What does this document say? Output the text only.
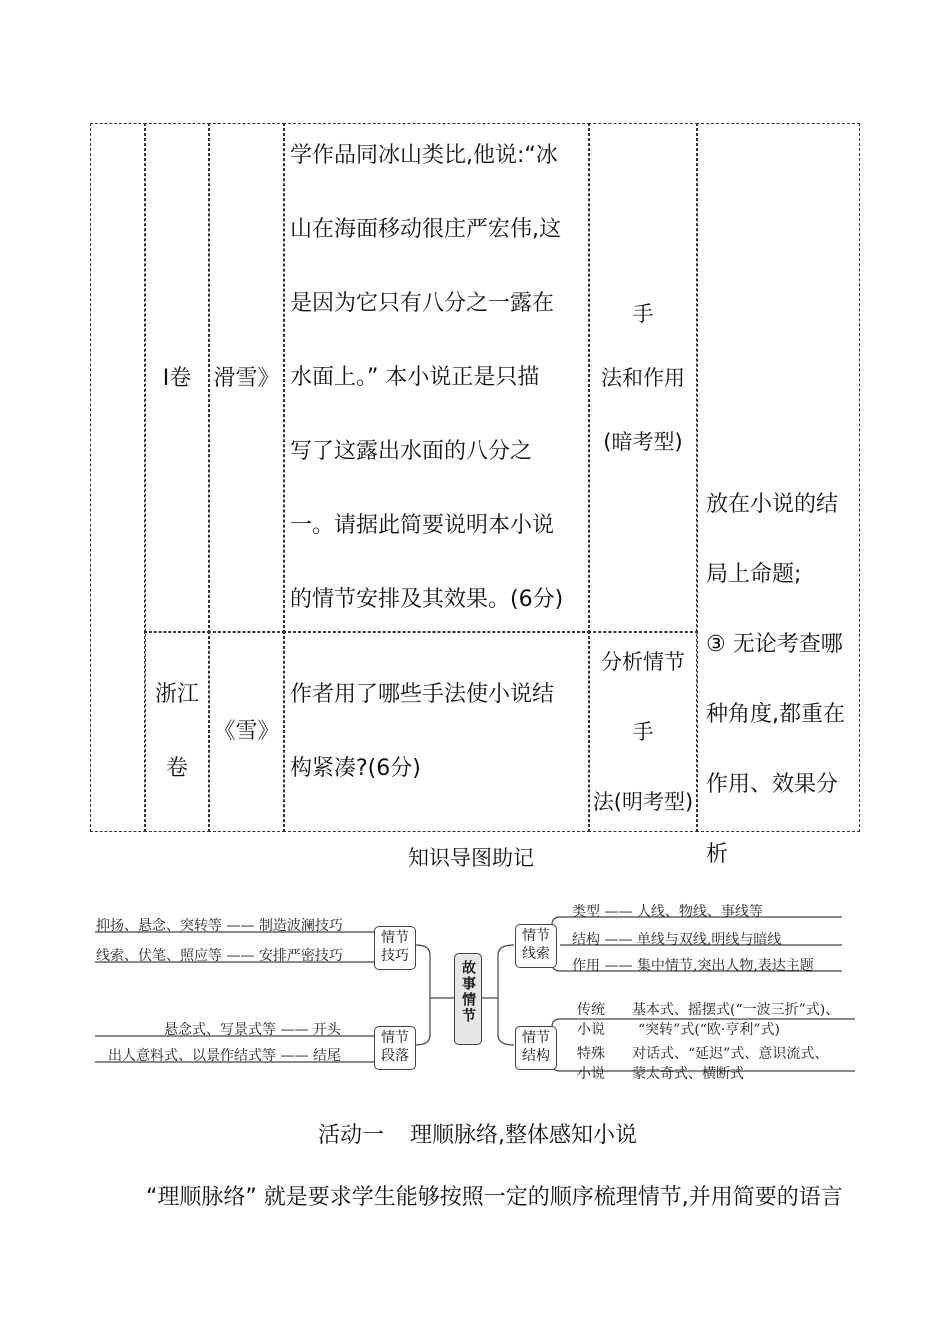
Ⅰ卷 滑雪》
学作品同冰山类比,他说:“冰
山在海面移动很庄严宏伟,这
是因为它只有八分之一露在
水面上。” 本小说正是只描
写了这露出水面的八分之
一。请据此简要说明本小说
的情节安排及其效果。(6分)
手
法和作用
(暗考型)
浙江
卷
《雪》
作者用了哪些手法使小说结
构紧凑?(6分)
分析情节
手
法(明考型)
放在小说的结
局上命题;
③ 无论考查哪
种角度,都重在
作用、效果分
析
知识导图助记
抑扬、悬念、突转等 —— 制造波澜技巧
线索、伏笔、照应等 —— 安排严密技巧
情节
技巧
悬念式、写景式等 —— 开头
出人意料式、以景作结式等 —— 结尾
情节
段落
故事情节
情节
线索
类型 —— 人线、物线、事线等
结构 —— 单线与双线,明线与暗线
作用 —— 集中情节,突出人物,表达主题
情节
结构
传统
小说
基本式、摇摆式(“一波三折”式)、
“突转”式(“欧·亨利”式)
特殊
小说
对话式、“延迟”式、意识流式、
蒙太奇式、横断式
活动一 理顺脉络,整体感知小说
“理顺脉络” 就是要求学生能够按照一定的顺序梳理情节,并用简要的语言
